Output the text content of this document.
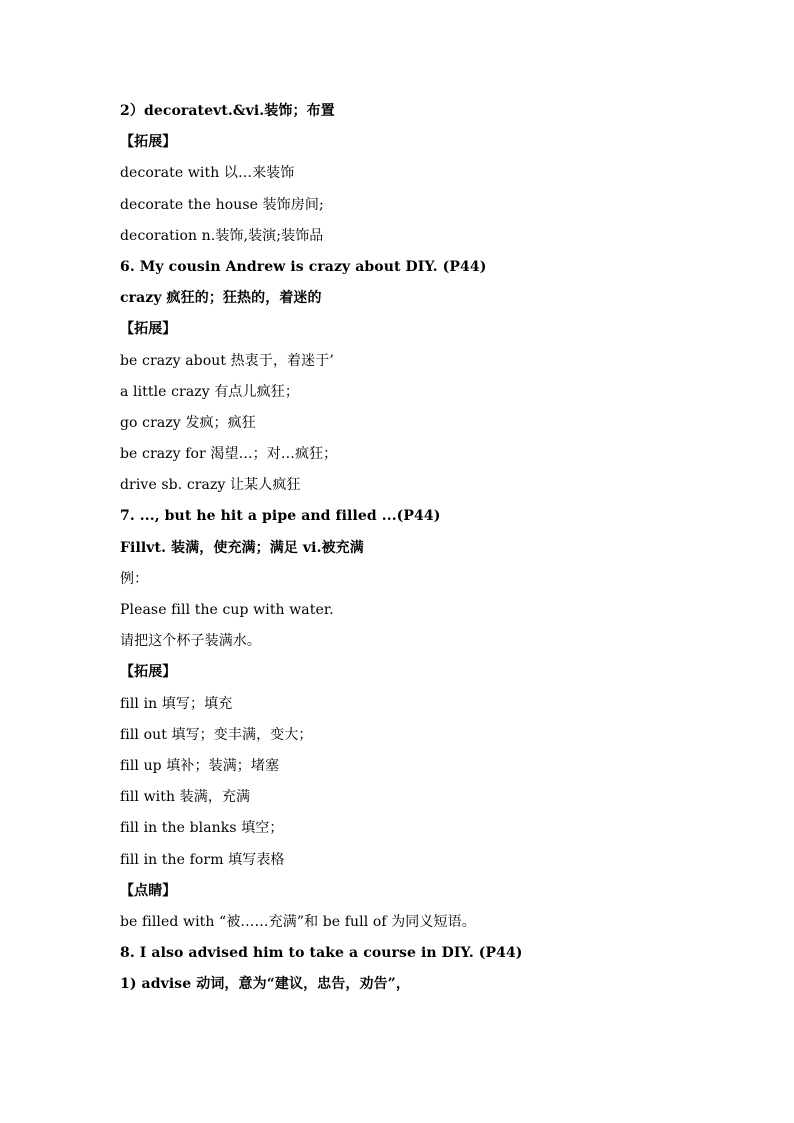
2）decoratevt.&vi.装饰；布置
【拓展】
decorate with 以…来装饰
decorate the house 装饰房间;
decoration n.装饰,装演;装饰品
6. My cousin Andrew is crazy about DIY. (P44)
crazy 疯狂的；狂热的，着迷的
【拓展】
be crazy about 热衷于，着迷于’
a little crazy 有点儿疯狂；
go crazy 发疯；疯狂
be crazy for 渴望…；对…疯狂；
drive sb. crazy 让某人疯狂
7. ..., but he hit a pipe and filled ...(P44)
Fillvt. 装满，使充满；满足 vi.被充满
例：
Please fill the cup with water.
请把这个杯子装满水。
【拓展】
fill in 填写；填充
fill out 填写；变丰满，变大；
fill up 填补；装满；堵塞
fill with 装满，充满
fill in the blanks 填空；
fill in the form 填写表格
【点睛】
be filled with “被……充满”和 be full of 为同义短语。
8. I also advised him to take a course in DIY. (P44)
1) advise 动词，意为“建议，忠告，劝告”，
